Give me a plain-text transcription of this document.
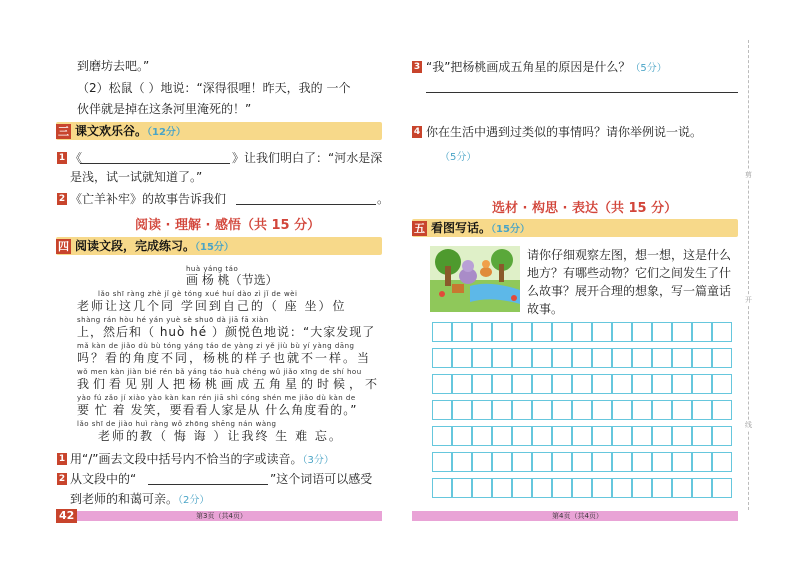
到磨坊去吧。”
（2）松鼠（ ）地说：“深得很哩！昨天，我的 一个
伙伴就是掉在这条河里淹死的！”
三 课文欢乐谷。（12分）
1 《	》让我们明白了：“河水是深
是浅，试一试就知道了。”
2 《亡羊补牢》的故事告诉我们	。
阅读 · 理解 · 感悟（共 15 分）
四 阅读文段，完成练习。（15分）
huà yáng táo
画 杨 桃（节选）
lǎo shī ràng zhè jǐ gè tóng xué huí dào zì jǐ de wèi
老师让这几个同 学回到自己的（ 座 坐）位
shàng rán hòu hé yán yuè sè shuō dà jiā fā xiàn
上，然后和（ huò hé ）颜悦色地说：“大家发现了
mǎ kàn de jiǎo dù bù tóng yáng táo de yàng zi yě jiù bù yí yàng dāng
吗？看的角度不同，杨桃的样子也就不一样。当
wǒ men kàn jiàn bié rén bǎ yáng táo huà chéng wǔ jiǎo xīng de shí hou
我们看见别人把杨桃画成五角星的时候，不
yào fú zǎo jí xiào yào kàn kan rén jiā shì cóng shén me jiǎo dù kàn de
要 忙 着 发笑，要看看人家是从 什么角度看的。”
lǎo shī de jiào huì ràng wǒ zhōng shēng nán wàng
老师的教（ 悔 诲 ）让我终 生 难 忘。
1 用“/”画去文段中括号内不恰当的字或读音。（3分）
2 从文段中的“	”这个词语可以感受
到老师的和蔼可亲。（2分）
第3页（共4页）
42
3 “我”把杨桃画成五角星的原因是什么？（5分）
4 你在生活中遇到过类似的事情吗？请你举例说一说。
（5分）
选材 · 构思 · 表达（共 15 分）
五 看图写话。（15分）
请你仔细观察左图，想一想，这是什么
地方？有哪些动物？它们之间发生了什
么故事？展开合理的想象，写一篇童话
故事。
第4页（共4页）
剪
开
线
